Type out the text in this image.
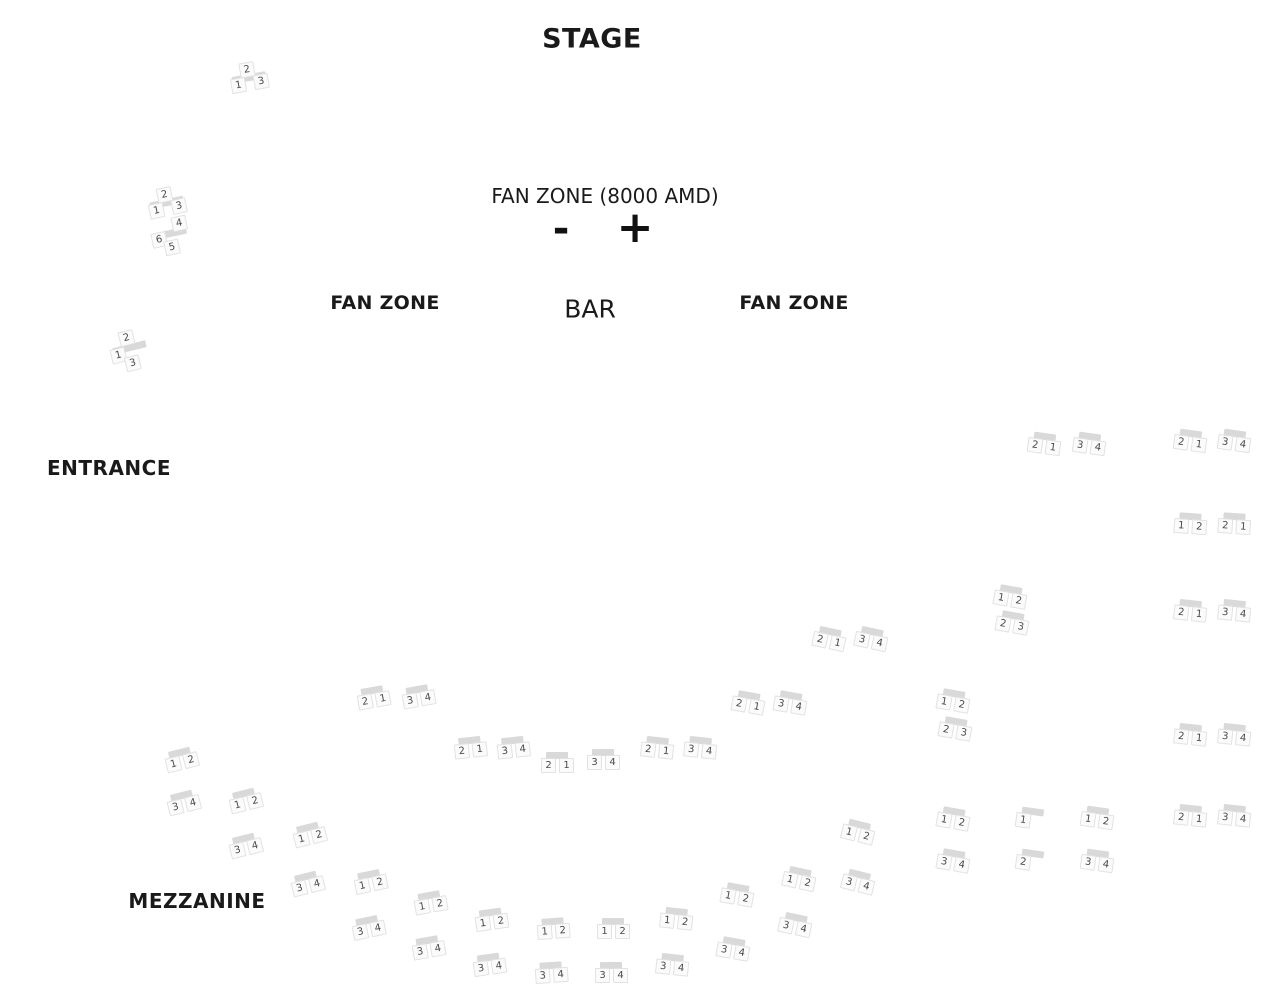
STAGE
FAN ZONE (8000 AMD)
FAN ZONE	BAR	FAN ZONE
ENTRANCE
MEZZANINE
2
1	3
2
1	3
4
6
5
2
1
3
2 1	3 4	2 1	3 4
1	2	2	1
2	1	3	4
2	1	3	4
2	1	3	4
1 2
2 3
1 2
2 3
2 1	3 4
2 1	3 4
2	1	3	4
2	1	3	4
2	1	3	4
2 1	3 4
1 2
3 4	1 2
3 4
1 2
3 4	1 2
3 4
1 2
3 4
1 2
3 4
1	2
3	4
1	2
3	4
1	2
3	4
1 2
3 4
1 2
3 4
1 2
3 4
1 2
3 4
1
2
1 2
3 4
- +
